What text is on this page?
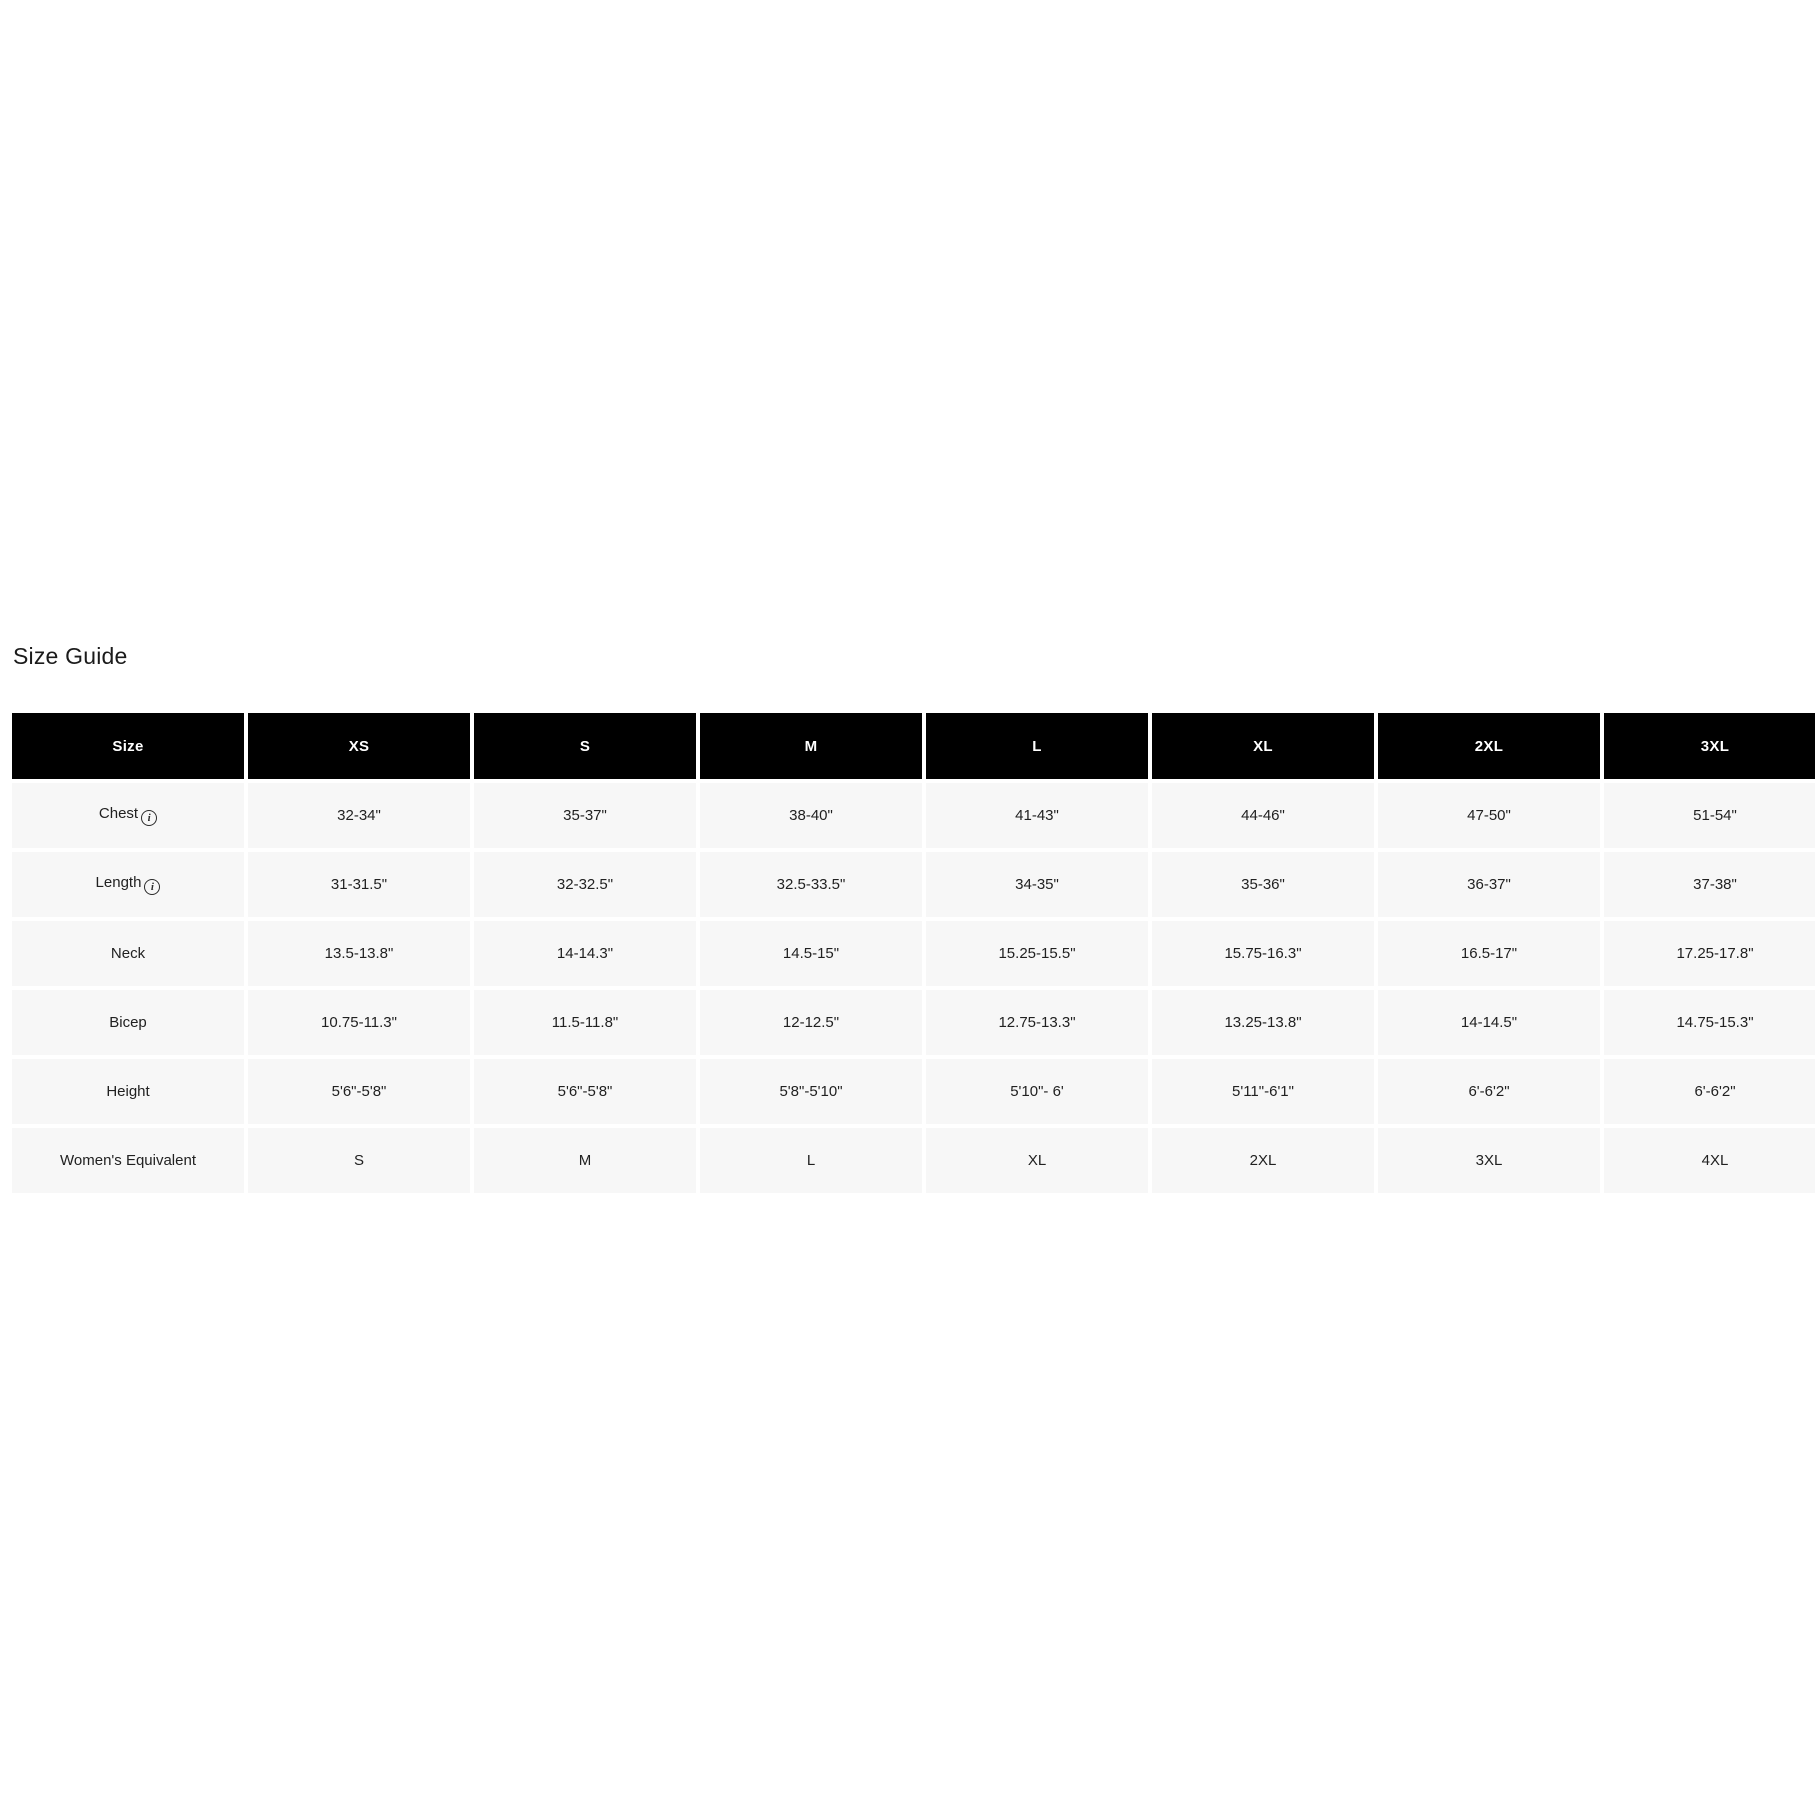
Size Guide
Size	XS	S	M	L	XL	2XL	3XL
Chest i	32-34"	35-37"	38-40"	41-43"	44-46"	47-50"	51-54"
Length i	31-31.5"	32-32.5"	32.5-33.5"	34-35"	35-36"	36-37"	37-38"
Neck	13.5-13.8"	14-14.3"	14.5-15"	15.25-15.5"	15.75-16.3"	16.5-17"	17.25-17.8"
Bicep	10.75-11.3"	11.5-11.8"	12-12.5"	12.75-13.3"	13.25-13.8"	14-14.5"	14.75-15.3"
Height	5'6"-5'8"	5'6"-5'8"	5'8"-5'10"	5'10"- 6'	5'11"-6'1"	6'-6'2"	6'-6'2"
Women's Equivalent	S	M	L	XL	2XL	3XL	4XL
